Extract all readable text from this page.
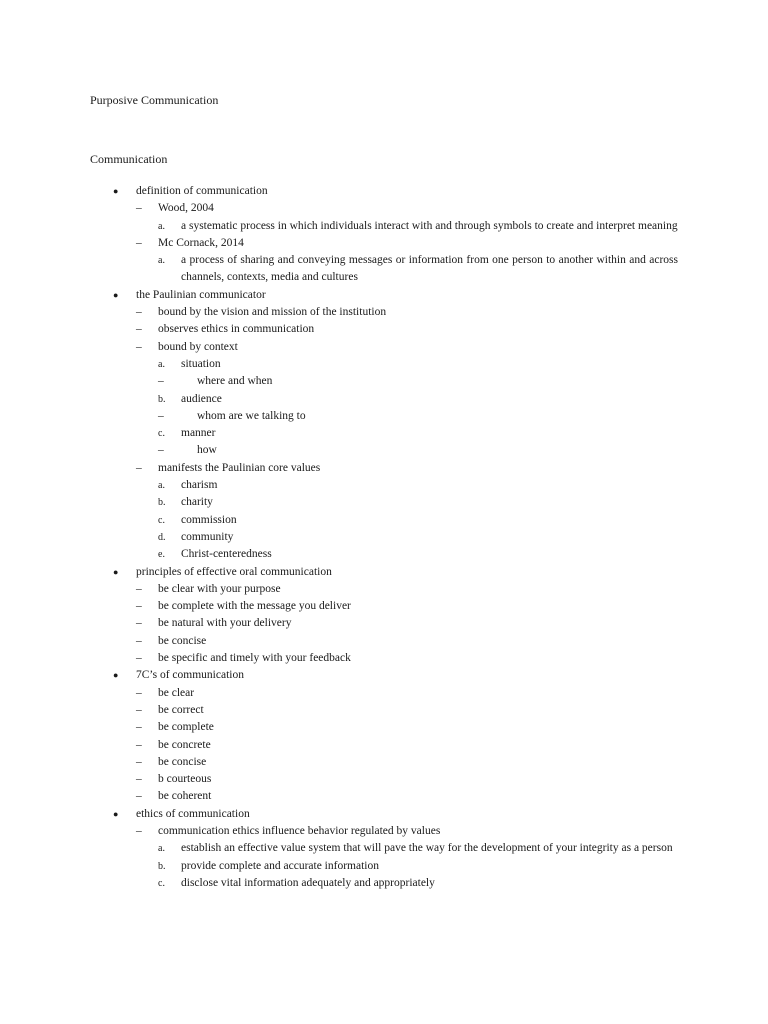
Purposive Communication
Communication
● definition of communication
– Wood, 2004
a. a systematic process in which individuals interact with and through symbols to create and interpret meaning
– Mc Cornack, 2014
a. a process of sharing and conveying messages or information from one person to another within and across channels, contexts, media and cultures
● the Paulinian communicator
– bound by the vision and mission of the institution
– observes ethics in communication
– bound by context
a. situation
–	where and when
b. audience
–	whom are we talking to
c. manner
–	how
– manifests the Paulinian core values
a. charism
b. charity
c. commission
d. community
e. Christ-centeredness
● principles of effective oral communication
– be clear with your purpose
– be complete with the message you deliver
– be natural with your delivery
– be concise
– be specific and timely with your feedback
● 7C’s of communication
– be clear
– be correct
– be complete
– be concrete
– be concise
– b courteous
– be coherent
● ethics of communication
– communication ethics influence behavior regulated by values
a. establish an effective value system that will pave the way for the development of your integrity as a person
b. provide complete and accurate information
c. disclose vital information adequately and appropriately
